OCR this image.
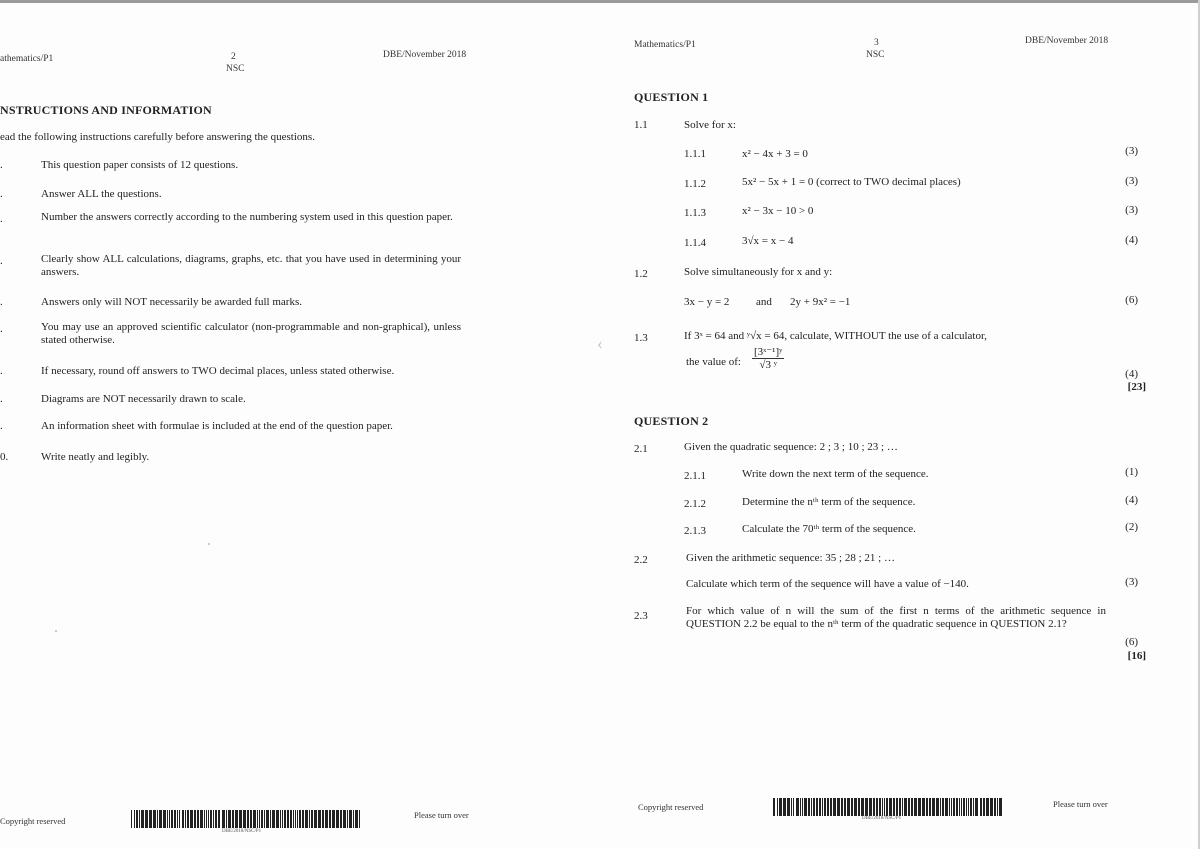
‹
athematics/P1	2
NSC
DBE/November 2018
NSTRUCTIONS AND INFORMATION
ead the following instructions carefully before answering the questions.
.	This question paper consists of 12 questions.
.	Answer ALL the questions.
.	Number the answers correctly according to the numbering system used in this question paper.
.	Clearly show ALL calculations, diagrams, graphs, etc. that you have used in determining your answers.
.	Answers only will NOT necessarily be awarded full marks.
.	You may use an approved scientific calculator (non-programmable and non-graphical), unless stated otherwise.
.	If necessary, round off answers to TWO decimal places, unless stated otherwise.
.	Diagrams are NOT necessarily drawn to scale.
.	An information sheet with formulae is included at the end of the question paper.
0.	Write neatly and legibly.
Copyright reserved
DBE/2018/NSC/P1
Please turn over
Mathematics/P1	3
NSC
DBE/November 2018
QUESTION 1
1.1	Solve for x:
1.1.1	x² − 4x + 3 = 0	(3)
1.1.2	5x² − 5x + 1 = 0 (correct to TWO decimal places)	(3)
1.1.3	x² − 3x − 10 > 0	(3)
1.1.4	3√x = x − 4	(4)
1.2	Solve simultaneously for x and y:
3x − y = 2 and 2y + 9x² = −1	(6)
1.3	If 3ˣ = 64 and ʸ√x = 64, calculate, WITHOUT the use of a calculator,
the value of: $\frac{\text{[3ˣ⁻¹]ʸ}}{\text{√3 ʸ}}$
(4)
[23]
QUESTION 2
2.1	Given the quadratic sequence: 2 ; 3 ; 10 ; 23 ; …
2.1.1	Write down the next term of the sequence.	(1)
2.1.2	Determine the nᵗʰ term of the sequence.	(4)
2.1.3	Calculate the 70ᵗʰ term of the sequence.	(2)
2.2	Given the arithmetic sequence: 35 ; 28 ; 21 ; …
Calculate which term of the sequence will have a value of −140.	(3)
2.3	For which value of n will the sum of the first n terms of the arithmetic sequence in QUESTION 2.2 be equal to the nᵗʰ term of the quadratic sequence in QUESTION 2.1?
(6)
[16]
Copyright reserved
DBE/2018/NSC/P1
Please turn over
